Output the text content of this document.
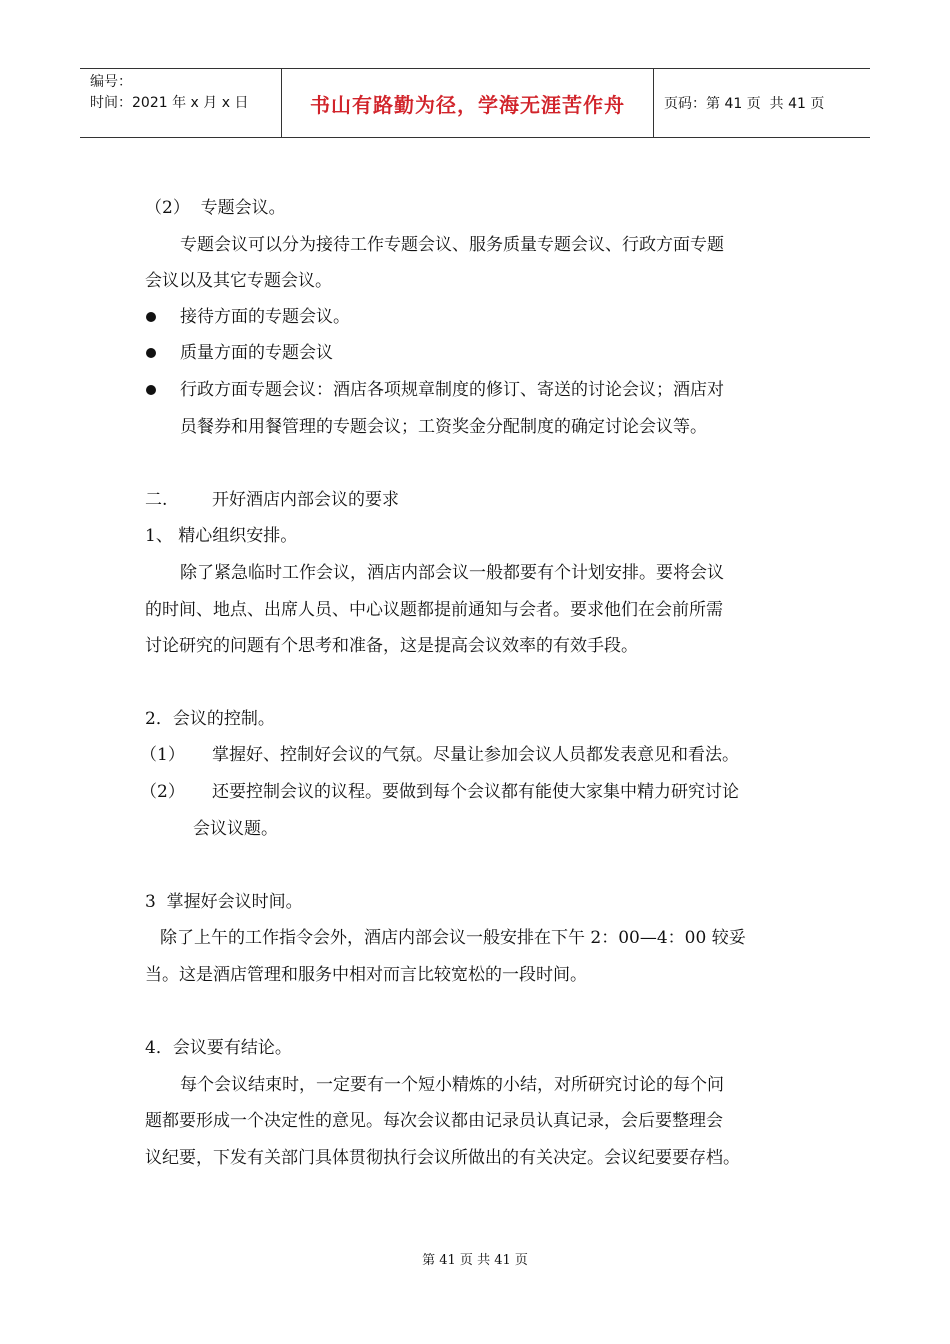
编号：
时间： 2021 年 x 月 x 日	书山有路勤为径，学海无涯苦作舟	页码：第 41 页  共 41 页
（2）  专题会议。
专题会议可以分为接待工作专题会议、服务质量专题会议、行政方面专题
会议以及其它专题会议。
接待方面的专题会议。
质量方面的专题会议
行政方面专题会议：酒店各项规章制度的修订、寄送的讨论会议；酒店对
员餐券和用餐管理的专题会议；工资奖金分配制度的确定讨论会议等。
二.	开好酒店内部会议的要求
1、 精心组织安排。
除了紧急临时工作会议，酒店内部会议一般都要有个计划安排。要将会议
的时间、地点、出席人员、中心议题都提前通知与会者。要求他们在会前所需
讨论研究的问题有个思考和准备，这是提高会议效率的有效手段。
2．会议的控制。
（1） 掌握好、控制好会议的气氛。尽量让参加会议人员都发表意见和看法。
（2） 还要控制会议的议程。要做到每个会议都有能使大家集中精力研究讨论
会议议题。
3  掌握好会议时间。
除了上午的工作指令会外，酒店内部会议一般安排在下午 2：00—4：00 较妥
当。这是酒店管理和服务中相对而言比较宽松的一段时间。
4．会议要有结论。
每个会议结束时，一定要有一个短小精炼的小结，对所研究讨论的每个问
题都要形成一个决定性的意见。每次会议都由记录员认真记录，会后要整理会
议纪要，下发有关部门具体贯彻执行会议所做出的有关决定。会议纪要要存档。
第 41 页 共 41 页
